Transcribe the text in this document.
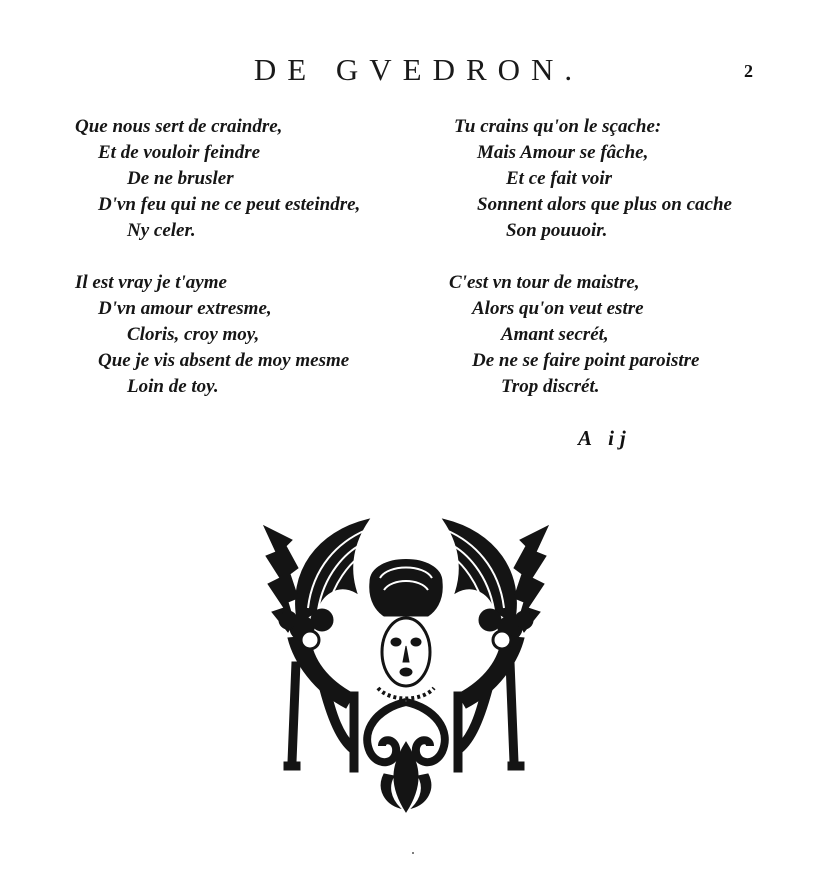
DE GVEDRON.	2
Que nous sert de craindre,
Et de vouloir feindre
De ne brusler
D'vn feu qui ne ce peut esteindre,
Ny celer.
Il est vray je t'ayme
D'vn amour extresme,
Cloris, croy moy,
Que je vis absent de moy mesme
Loin de toy.
Tu crains qu'on le sçache:
Mais Amour se fâche,
Et ce fait voir
Sonnent alors que plus on cache
Son pouuoir.
C'est vn tour de maistre,
Alors qu'on veut estre
Amant secrét,
De ne se faire point paroistre
Trop discrét.
A ij
